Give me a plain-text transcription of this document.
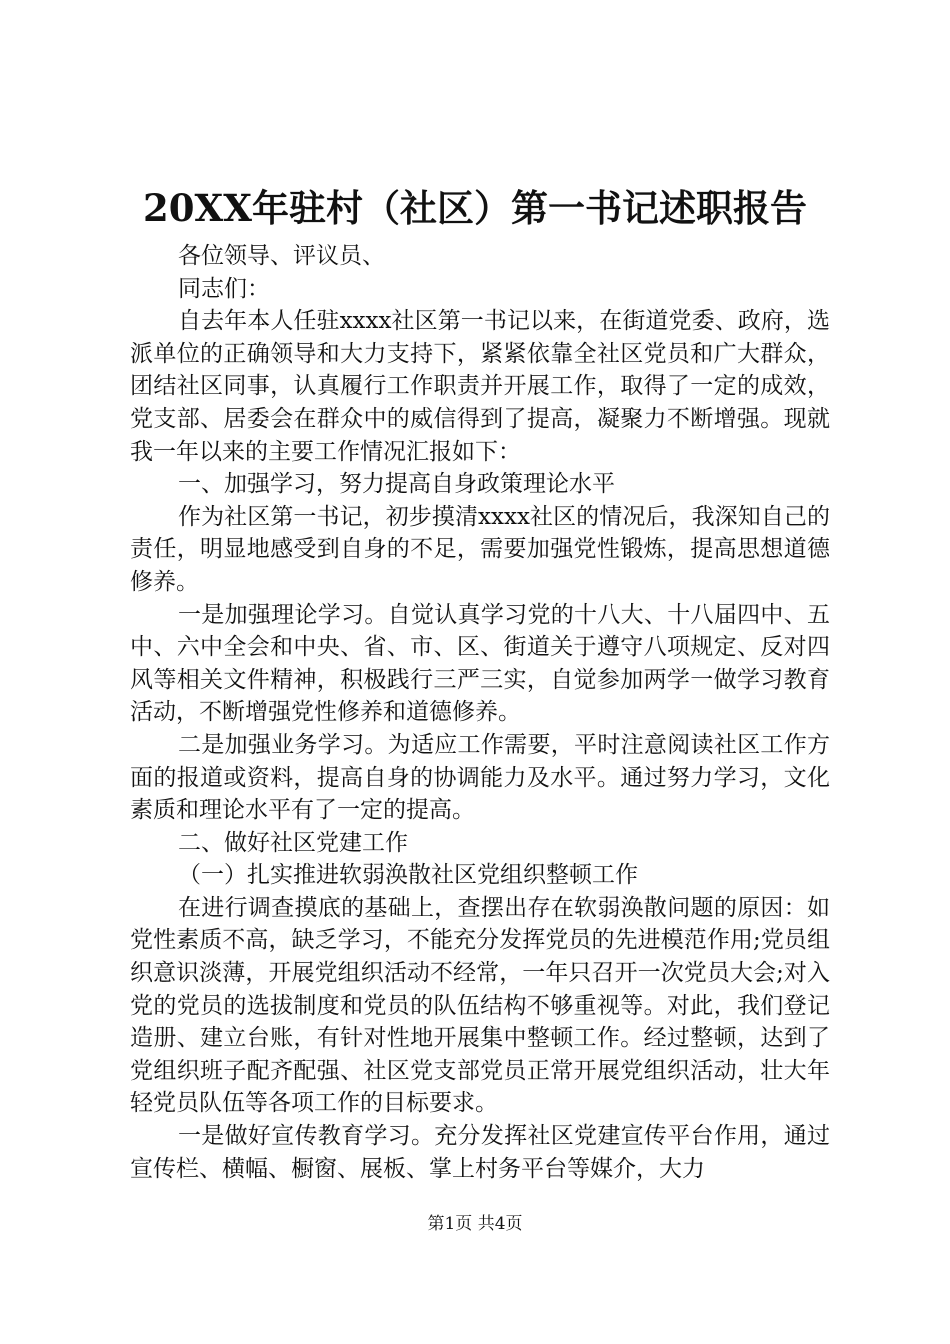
20XX年驻村（社区）第一书记述职报告

各位领导、评议员、

同志们：

自去年本人任驻xxxx社区第一书记以来，在街道党委、政府，选派单位的正确领导和大力支持下，紧紧依靠全社区党员和广大群众，团结社区同事，认真履行工作职责并开展工作，取得了一定的成效，党支部、居委会在群众中的威信得到了提高，凝聚力不断增强。现就我一年以来的主要工作情况汇报如下：

一、加强学习，努力提高自身政策理论水平

作为社区第一书记，初步摸清xxxx社区的情况后，我深知自己的责任，明显地感受到自身的不足，需要加强党性锻炼，提高思想道德修养。

一是加强理论学习。自觉认真学习党的十八大、十八届四中、五中、六中全会和中央、省、市、区、街道关于遵守八项规定、反对四风等相关文件精神，积极践行三严三实，自觉参加两学一做学习教育活动，不断增强党性修养和道德修养。

二是加强业务学习。为适应工作需要，平时注意阅读社区工作方面的报道或资料，提高自身的协调能力及水平。通过努力学习，文化素质和理论水平有了一定的提高。

二、做好社区党建工作

（一）扎实推进软弱涣散社区党组织整顿工作

在进行调查摸底的基础上，查摆出存在软弱涣散问题的原因：如党性素质不高，缺乏学习，不能充分发挥党员的先进模范作用;党员组织意识淡薄，开展党组织活动不经常，一年只召开一次党员大会;对入党的党员的选拔制度和党员的队伍结构不够重视等。对此，我们登记造册、建立台账，有针对性地开展集中整顿工作。经过整顿，达到了党组织班子配齐配强、社区党支部党员正常开展党组织活动，壮大年轻党员队伍等各项工作的目标要求。

一是做好宣传教育学习。充分发挥社区党建宣传平台作用，通过宣传栏、横幅、橱窗、展板、掌上村务平台等媒介，大力

第1页 共4页
